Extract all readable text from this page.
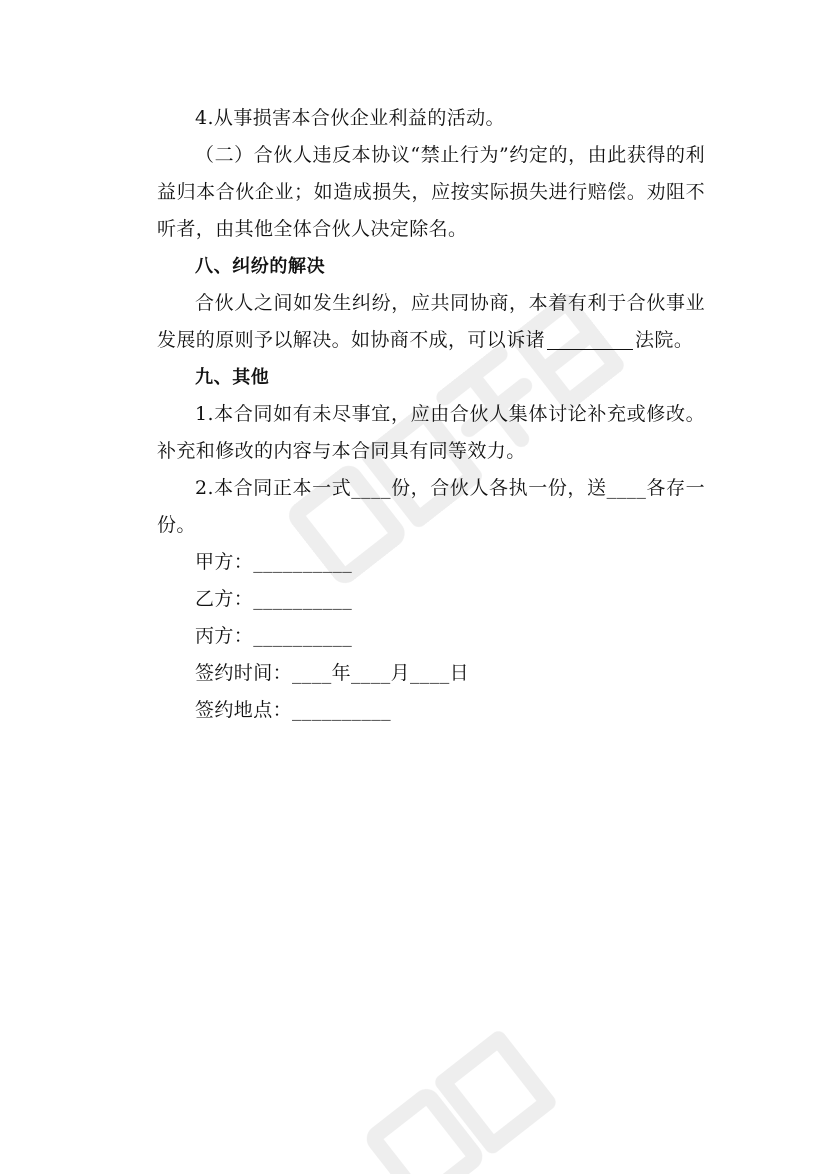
4.从事损害本合伙企业利益的活动。

（二）合伙人违反本协议“禁止行为”约定的，由此获得的利益归本合伙企业；如造成损失，应按实际损失进行赔偿。劝阻不听者，由其他全体合伙人决定除名。

八、纠纷的解决

合伙人之间如发生纠纷，应共同协商，本着有利于合伙事业发展的原则予以解决。如协商不成，可以诉诸	法院。

九、其他

1.本合同如有未尽事宜，应由合伙人集体讨论补充或修改。补充和修改的内容与本合同具有同等效力。

2.本合同正本一式____份，合伙人各执一份，送____各存一份。

甲方：__________

乙方：__________

丙方：__________

签约时间：____年____月____日

签约地点：__________
